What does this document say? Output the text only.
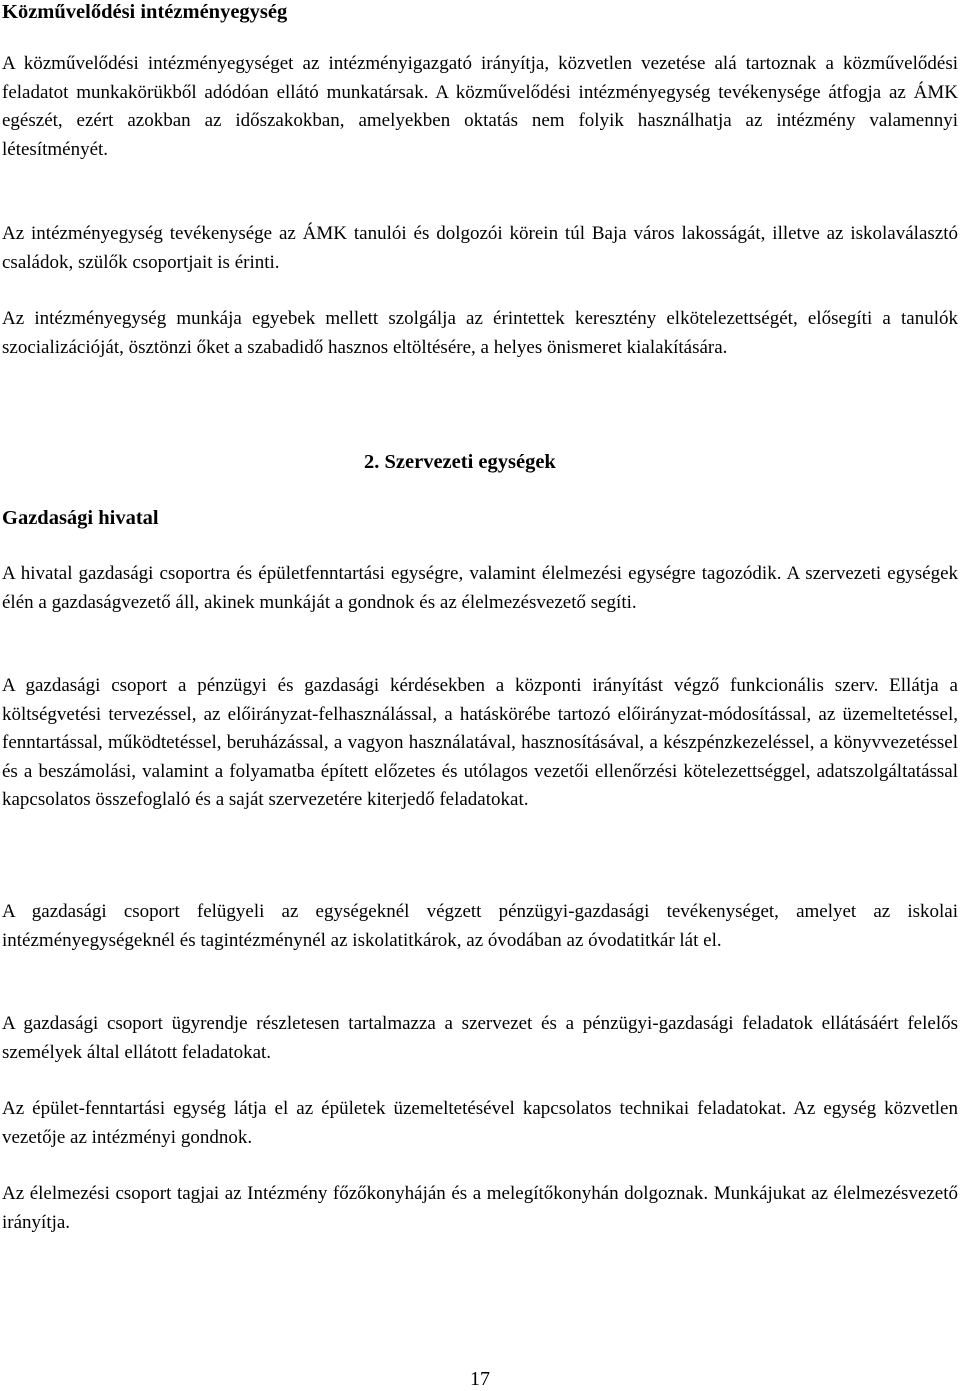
Közművelődési intézményegység

A közművelődési intézményegységet az intézményigazgató irányítja, közvetlen vezetése alá tartoznak a közművelődési feladatot munkakörükből adódóan ellátó munkatársak. A közművelődési intézményegység tevékenysége átfogja az ÁMK egészét, ezért azokban az időszakokban, amelyekben oktatás nem folyik használhatja az intézmény valamennyi létesítményét.

Az intézményegység tevékenysége az ÁMK tanulói és dolgozói körein túl Baja város lakosságát, illetve az iskolaválasztó családok, szülők csoportjait is érinti.

Az intézményegység munkája egyebek mellett szolgálja az érintettek keresztény elkötelezettségét, elősegíti a tanulók szocializációját, ösztönzi őket a szabadidő hasznos eltöltésére, a helyes önismeret kialakítására.

2. Szervezeti egységek
Gazdasági hivatal

A hivatal gazdasági csoportra és épületfenntartási egységre, valamint élelmezési egységre tagozódik. A szervezeti egységek élén a gazdaságvezető áll, akinek munkáját a gondnok és az élelmezésvezető segíti.

A gazdasági csoport a pénzügyi és gazdasági kérdésekben a központi irányítást végző funkcionális szerv. Ellátja a költségvetési tervezéssel, az előirányzat-felhasználással, a hatáskörébe tartozó előirányzat-módosítással, az üzemeltetéssel, fenntartással, működtetéssel, beruházással, a vagyon használatával, hasznosításával, a készpénzkezeléssel, a könyvvezetéssel és a beszámolási, valamint a folyamatba épített előzetes és utólagos vezetői ellenőrzési kötelezettséggel, adatszolgáltatással kapcsolatos összefoglaló és a saját szervezetére kiterjedő feladatokat.

A gazdasági csoport felügyeli az egységeknél végzett pénzügyi-gazdasági tevékenységet, amelyet az iskolai intézményegységeknél és tagintézménynél az iskolatitkárok, az óvodában az óvodatitkár lát el.

A gazdasági csoport ügyrendje részletesen tartalmazza a szervezet és a pénzügyi-gazdasági feladatok ellátásáért felelős személyek által ellátott feladatokat.

Az épület-fenntartási egység látja el az épületek üzemeltetésével kapcsolatos technikai feladatokat. Az egység közvetlen vezetője az intézményi gondnok.

Az élelmezési csoport tagjai az Intézmény főzőkonyháján és a melegítőkonyhán dolgoznak. Munkájukat az élelmezésvezető irányítja.

17
